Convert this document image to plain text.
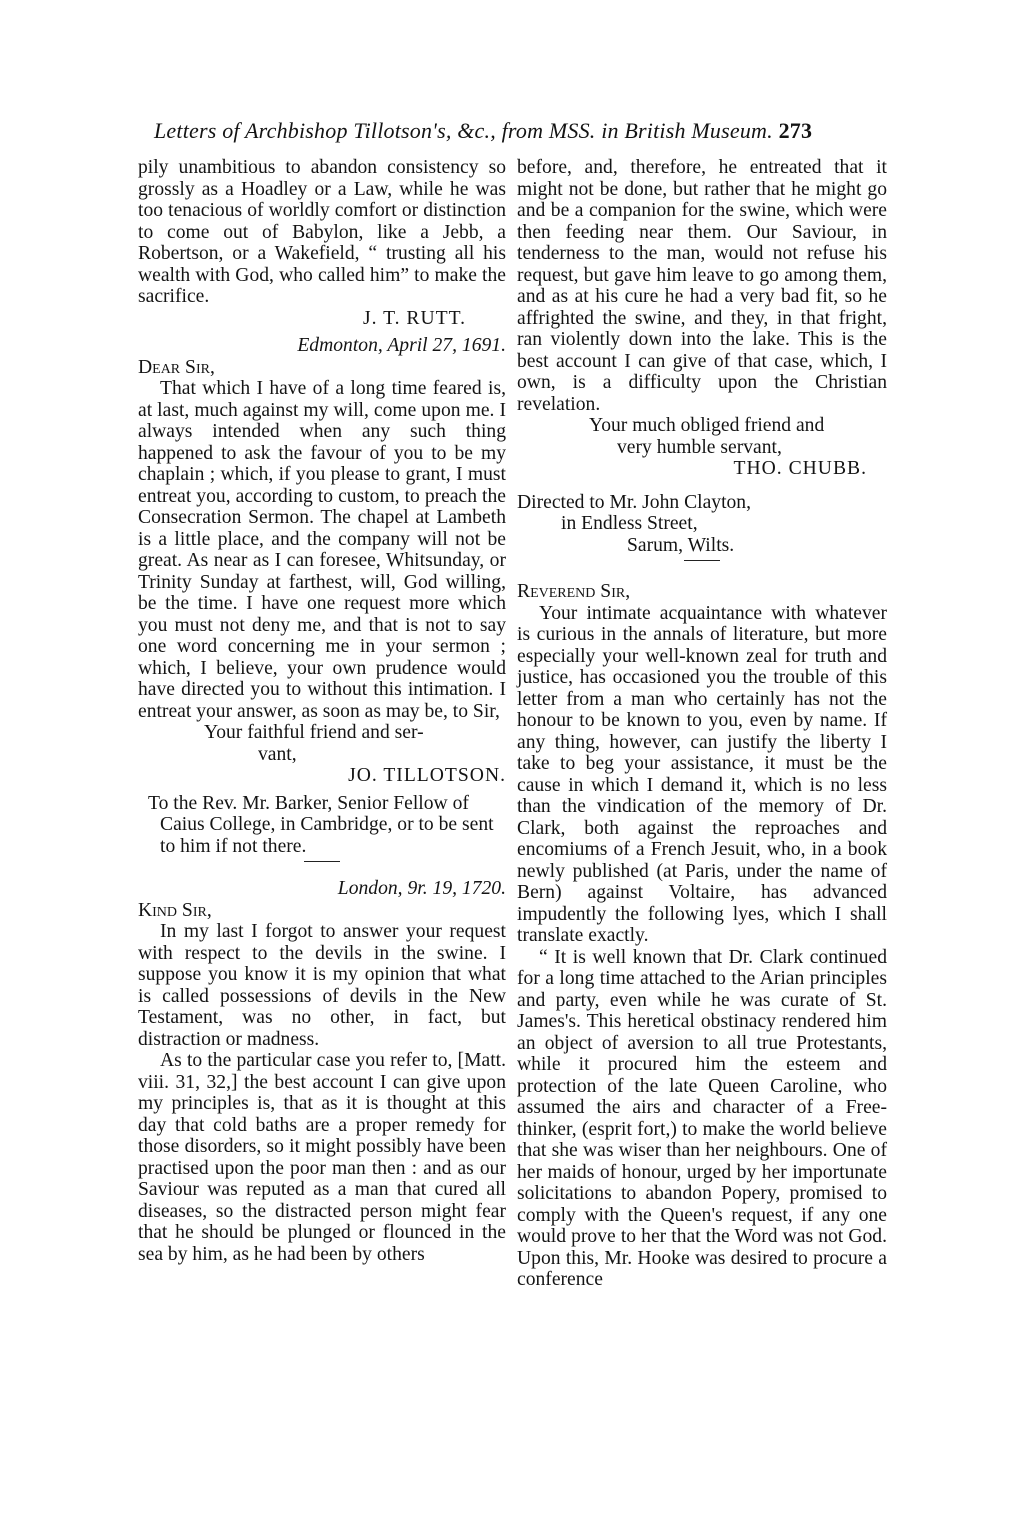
Letters of Archbishop Tillotson's, &c., from MSS. in British Museum. 273

pily unambitious to abandon consistency so grossly as a Hoadley or a Law, while he was too tenacious of worldly comfort or distinction to come out of Babylon, like a Jebb, a Robertson, or a Wakefield, “ trusting all his wealth with God, who called him” to make the sacrifice.

J. T. RUTT.

Edmonton, April 27, 1691.

Dear Sir,

That which I have of a long time feared is, at last, much against my will, come upon me. I always intended when any such thing happened to ask the favour of you to be my chaplain ; which, if you please to grant, I must entreat you, according to custom, to preach the Consecration Sermon. The chapel at Lambeth is a little place, and the company will not be great. As near as I can foresee, Whitsunday, or Trinity Sunday at farthest, will, God willing, be the time. I have one request more which you must not deny me, and that is not to say one word concerning me in your sermon ; which, I believe, your own prudence would have directed you to without this intimation. I entreat your answer, as soon as may be, to Sir,

Your faithful friend and ser-

vant,

JO. TILLOTSON.

To the Rev. Mr. Barker, Senior Fellow of Caius College, in Cambridge, or to be sent to him if not there.

London, 9r. 19, 1720.

Kind Sir,

In my last I forgot to answer your request with respect to the devils in the swine. I suppose you know it is my opinion that what is called possessions of devils in the New Testament, was no other, in fact, but distraction or madness.

As to the particular case you refer to, [Matt. viii. 31, 32,] the best account I can give upon my principles is, that as it is thought at this day that cold baths are a proper remedy for those disorders, so it might possibly have been practised upon the poor man then : and as our Saviour was reputed as a man that cured all diseases, so the distracted person might fear that he should be plunged or flounced in the sea by him, as he had been by others

before, and, therefore, he entreated that it might not be done, but rather that he might go and be a companion for the swine, which were then feeding near them. Our Saviour, in tenderness to the man, would not refuse his request, but gave him leave to go among them, and as at his cure he had a very bad fit, so he affrighted the swine, and they, in that fright, ran violently down into the lake. This is the best account I can give of that case, which, I own, is a difficulty upon the Christian revelation.

Your much obliged friend and

very humble servant,

THO. CHUBB.

Directed to Mr. John Clayton,

in Endless Street,

Sarum, Wilts.

Reverend Sir,

Your intimate acquaintance with whatever is curious in the annals of literature, but more especially your well-known zeal for truth and justice, has occasioned you the trouble of this letter from a man who certainly has not the honour to be known to you, even by name. If any thing, however, can justify the liberty I take to beg your assistance, it must be the cause in which I demand it, which is no less than the vindication of the memory of Dr. Clark, both against the reproaches and encomiums of a French Jesuit, who, in a book newly published (at Paris, under the name of Bern) against Voltaire, has advanced impudently the following lyes, which I shall translate exactly.

“ It is well known that Dr. Clark continued for a long time attached to the Arian principles and party, even while he was curate of St. James's. This heretical obstinacy rendered him an object of aversion to all true Protestants, while it procured him the esteem and protection of the late Queen Caroline, who assumed the airs and character of a Free-thinker, (esprit fort,) to make the world believe that she was wiser than her neighbours. One of her maids of honour, urged by her importunate solicitations to abandon Popery, promised to comply with the Queen's request, if any one would prove to her that the Word was not God. Upon this, Mr. Hooke was desired to procure a conference
